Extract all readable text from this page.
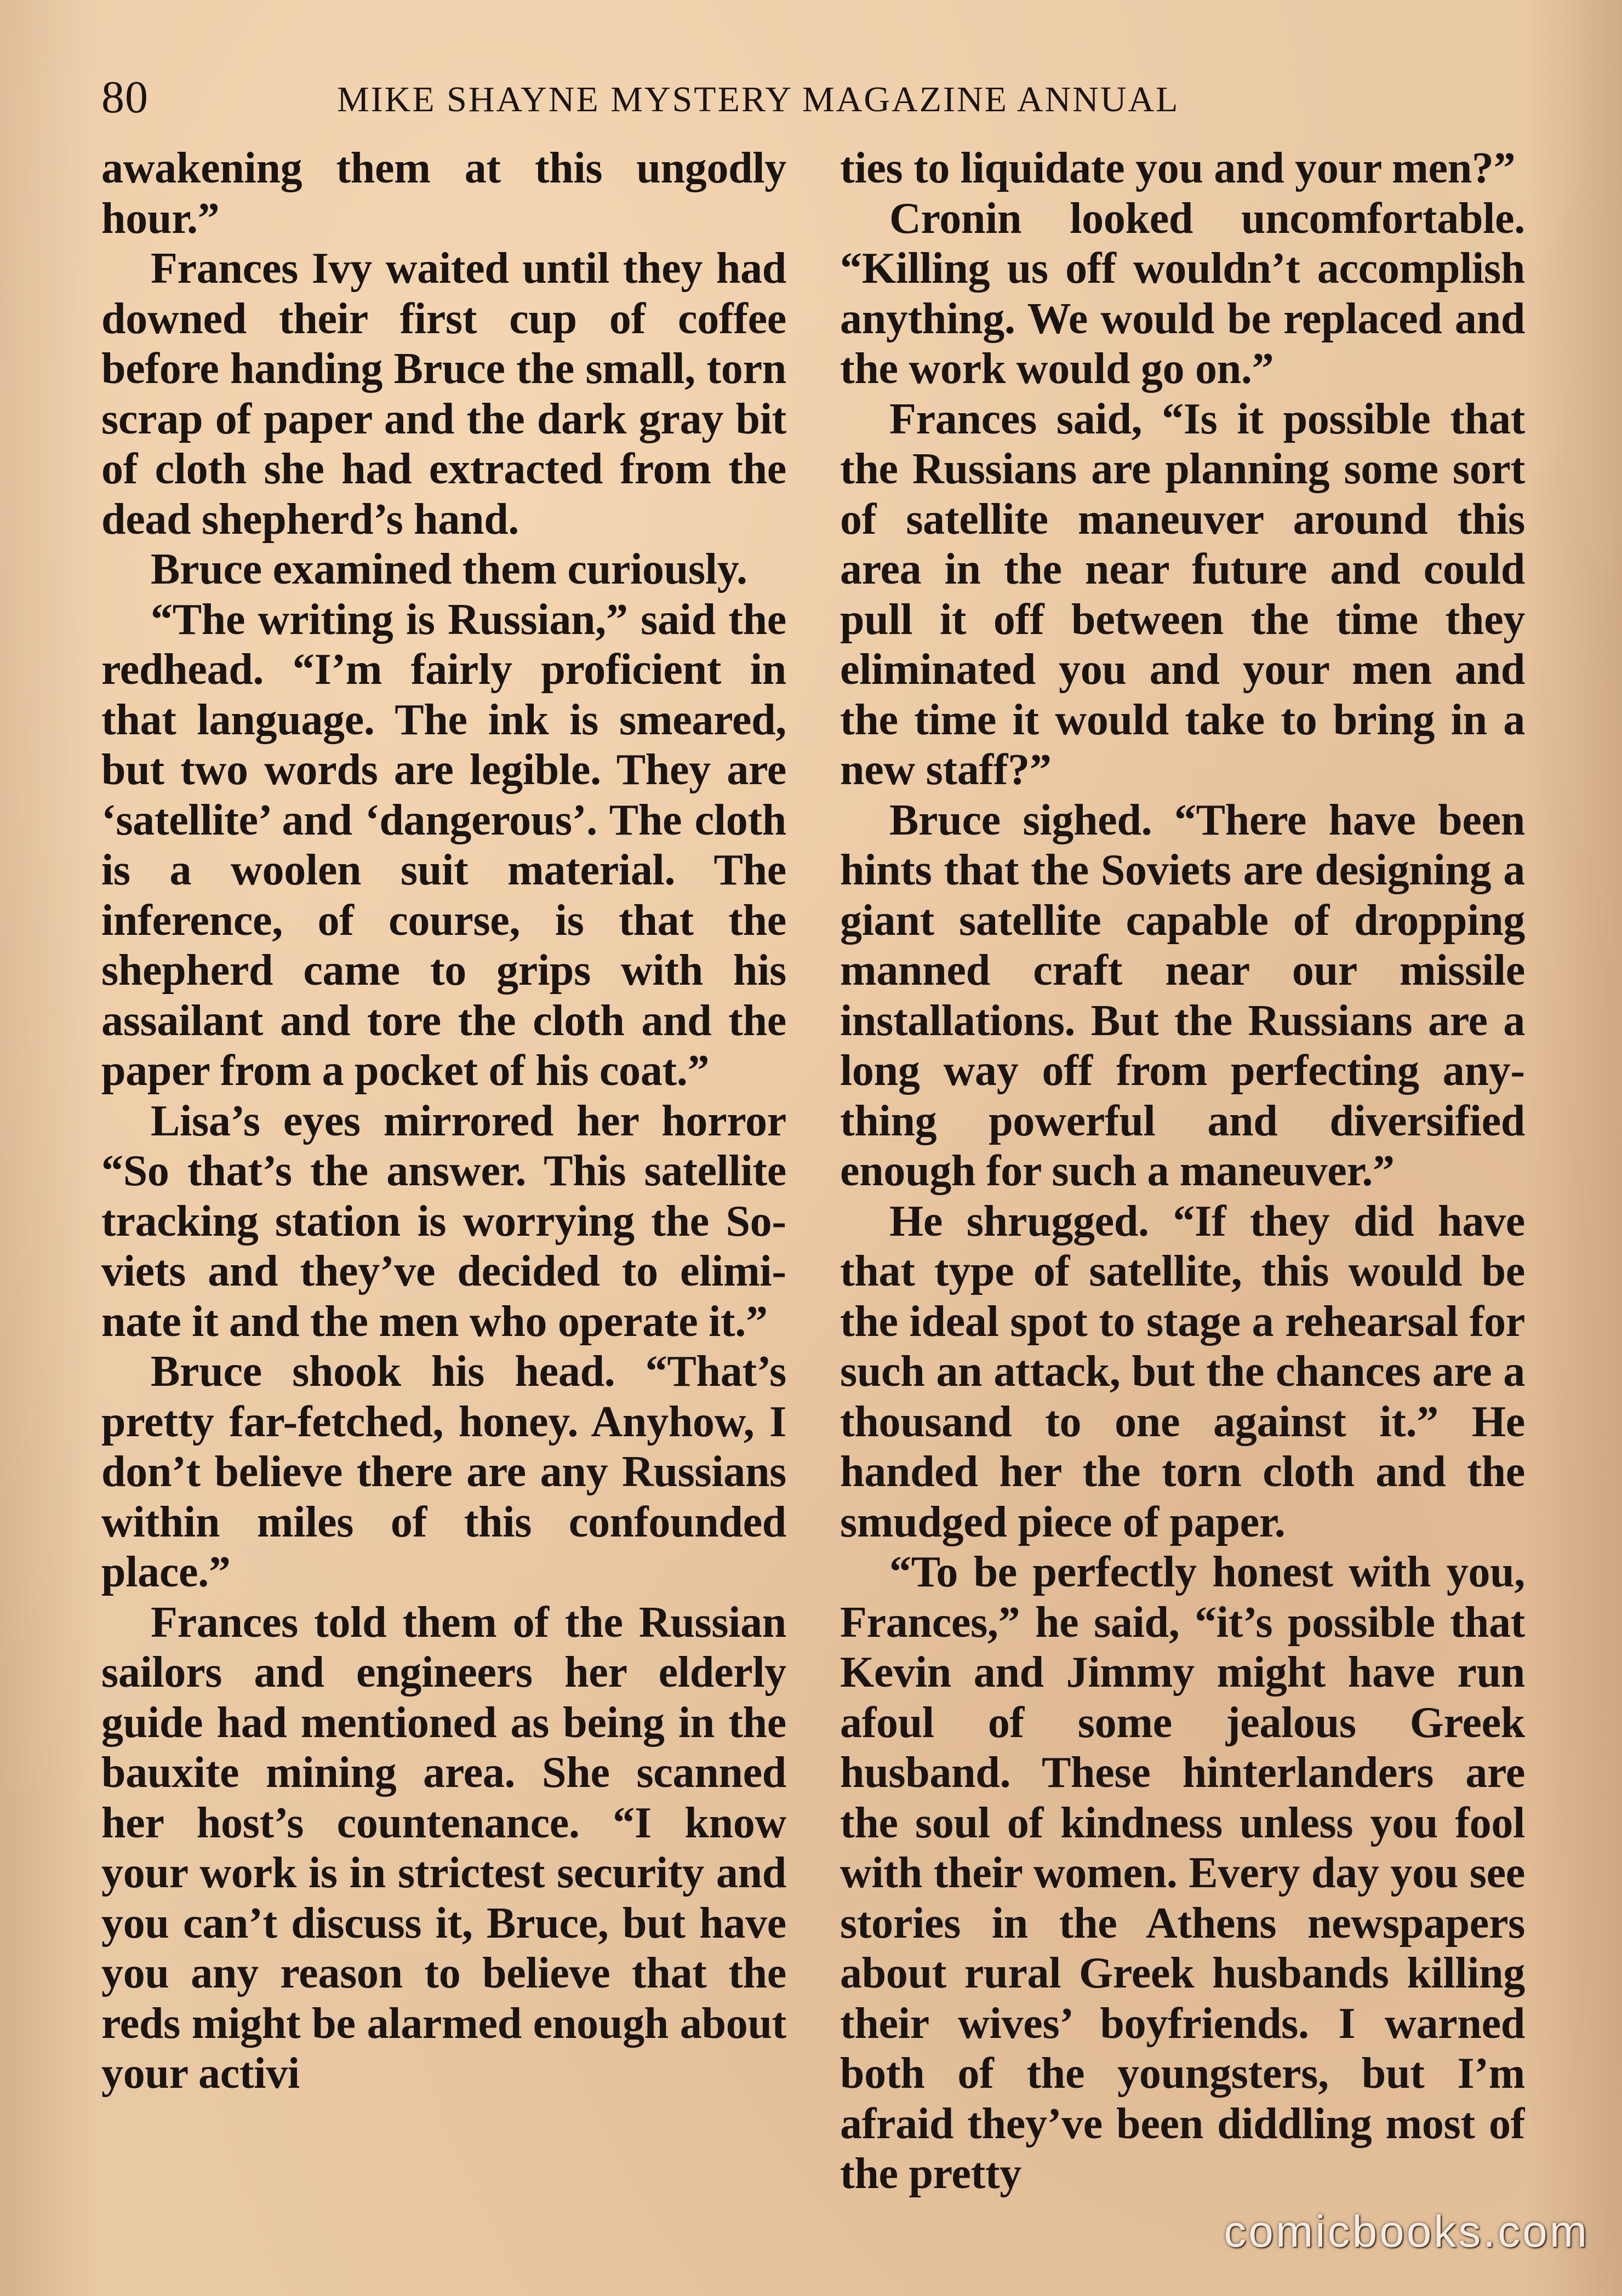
80	MIKE SHAYNE MYSTERY MAGAZINE ANNUAL

awakening them at this ungodly hour.”

Frances Ivy waited until they had downed their first cup of coffee before handing Bruce the small, torn scrap of paper and the dark gray bit of cloth she had extracted from the dead shepherd’s hand.

Bruce examined them curiously.

“The writing is Russian,” said the redhead. “I’m fairly proficient in that language. The ink is smeared, but two words are legible. They are ‘satellite’ and ‘dangerous’. The cloth is a woolen suit material. The inference, of course, is that the shepherd came to grips with his assailant and tore the cloth and the paper from a pocket of his coat.”

Lisa’s eyes mirrored her horror “So that’s the answer. This satellite tracking station is worrying the Soviets and they’ve decided to eliminate it and the men who operate it.”

Bruce shook his head. “That’s pretty far-fetched, honey. Anyhow, I don’t believe there are any Russians within miles of this confounded place.”

Frances told them of the Russian sailors and engineers her elderly guide had mentioned as being in the bauxite mining area. She scanned her host’s countenance. “I know your work is in strictest security and you can’t discuss it, Bruce, but have you any reason to believe that the reds might be alarmed enough about your activi

ties to liquidate you and your men?”

Cronin looked uncomfortable. “Killing us off wouldn’t accomplish anything. We would be replaced and the work would go on.”

Frances said, “Is it possible that the Russians are planning some sort of satellite maneuver around this area in the near future and could pull it off between the time they eliminated you and your men and the time it would take to bring in a new staff?”

Bruce sighed. “There have been hints that the Soviets are designing a giant satellite capable of dropping manned craft near our missile installations. But the Russians are a long way off from perfecting anything powerful and diversified enough for such a maneuver.”

He shrugged. “If they did have that type of satellite, this would be the ideal spot to stage a rehearsal for such an attack, but the chances are a thousand to one against it.” He handed her the torn cloth and the smudged piece of paper.

“To be perfectly honest with you, Frances,” he said, “it’s possible that Kevin and Jimmy might have run afoul of some jealous Greek husband. These hinterlanders are the soul of kindness unless you fool with their women. Every day you see stories in the Athens newspapers about rural Greek husbands killing their wives’ boyfriends. I warned both of the youngsters, but I’m afraid they’ve been diddling most of the pretty

comicbooks.com
